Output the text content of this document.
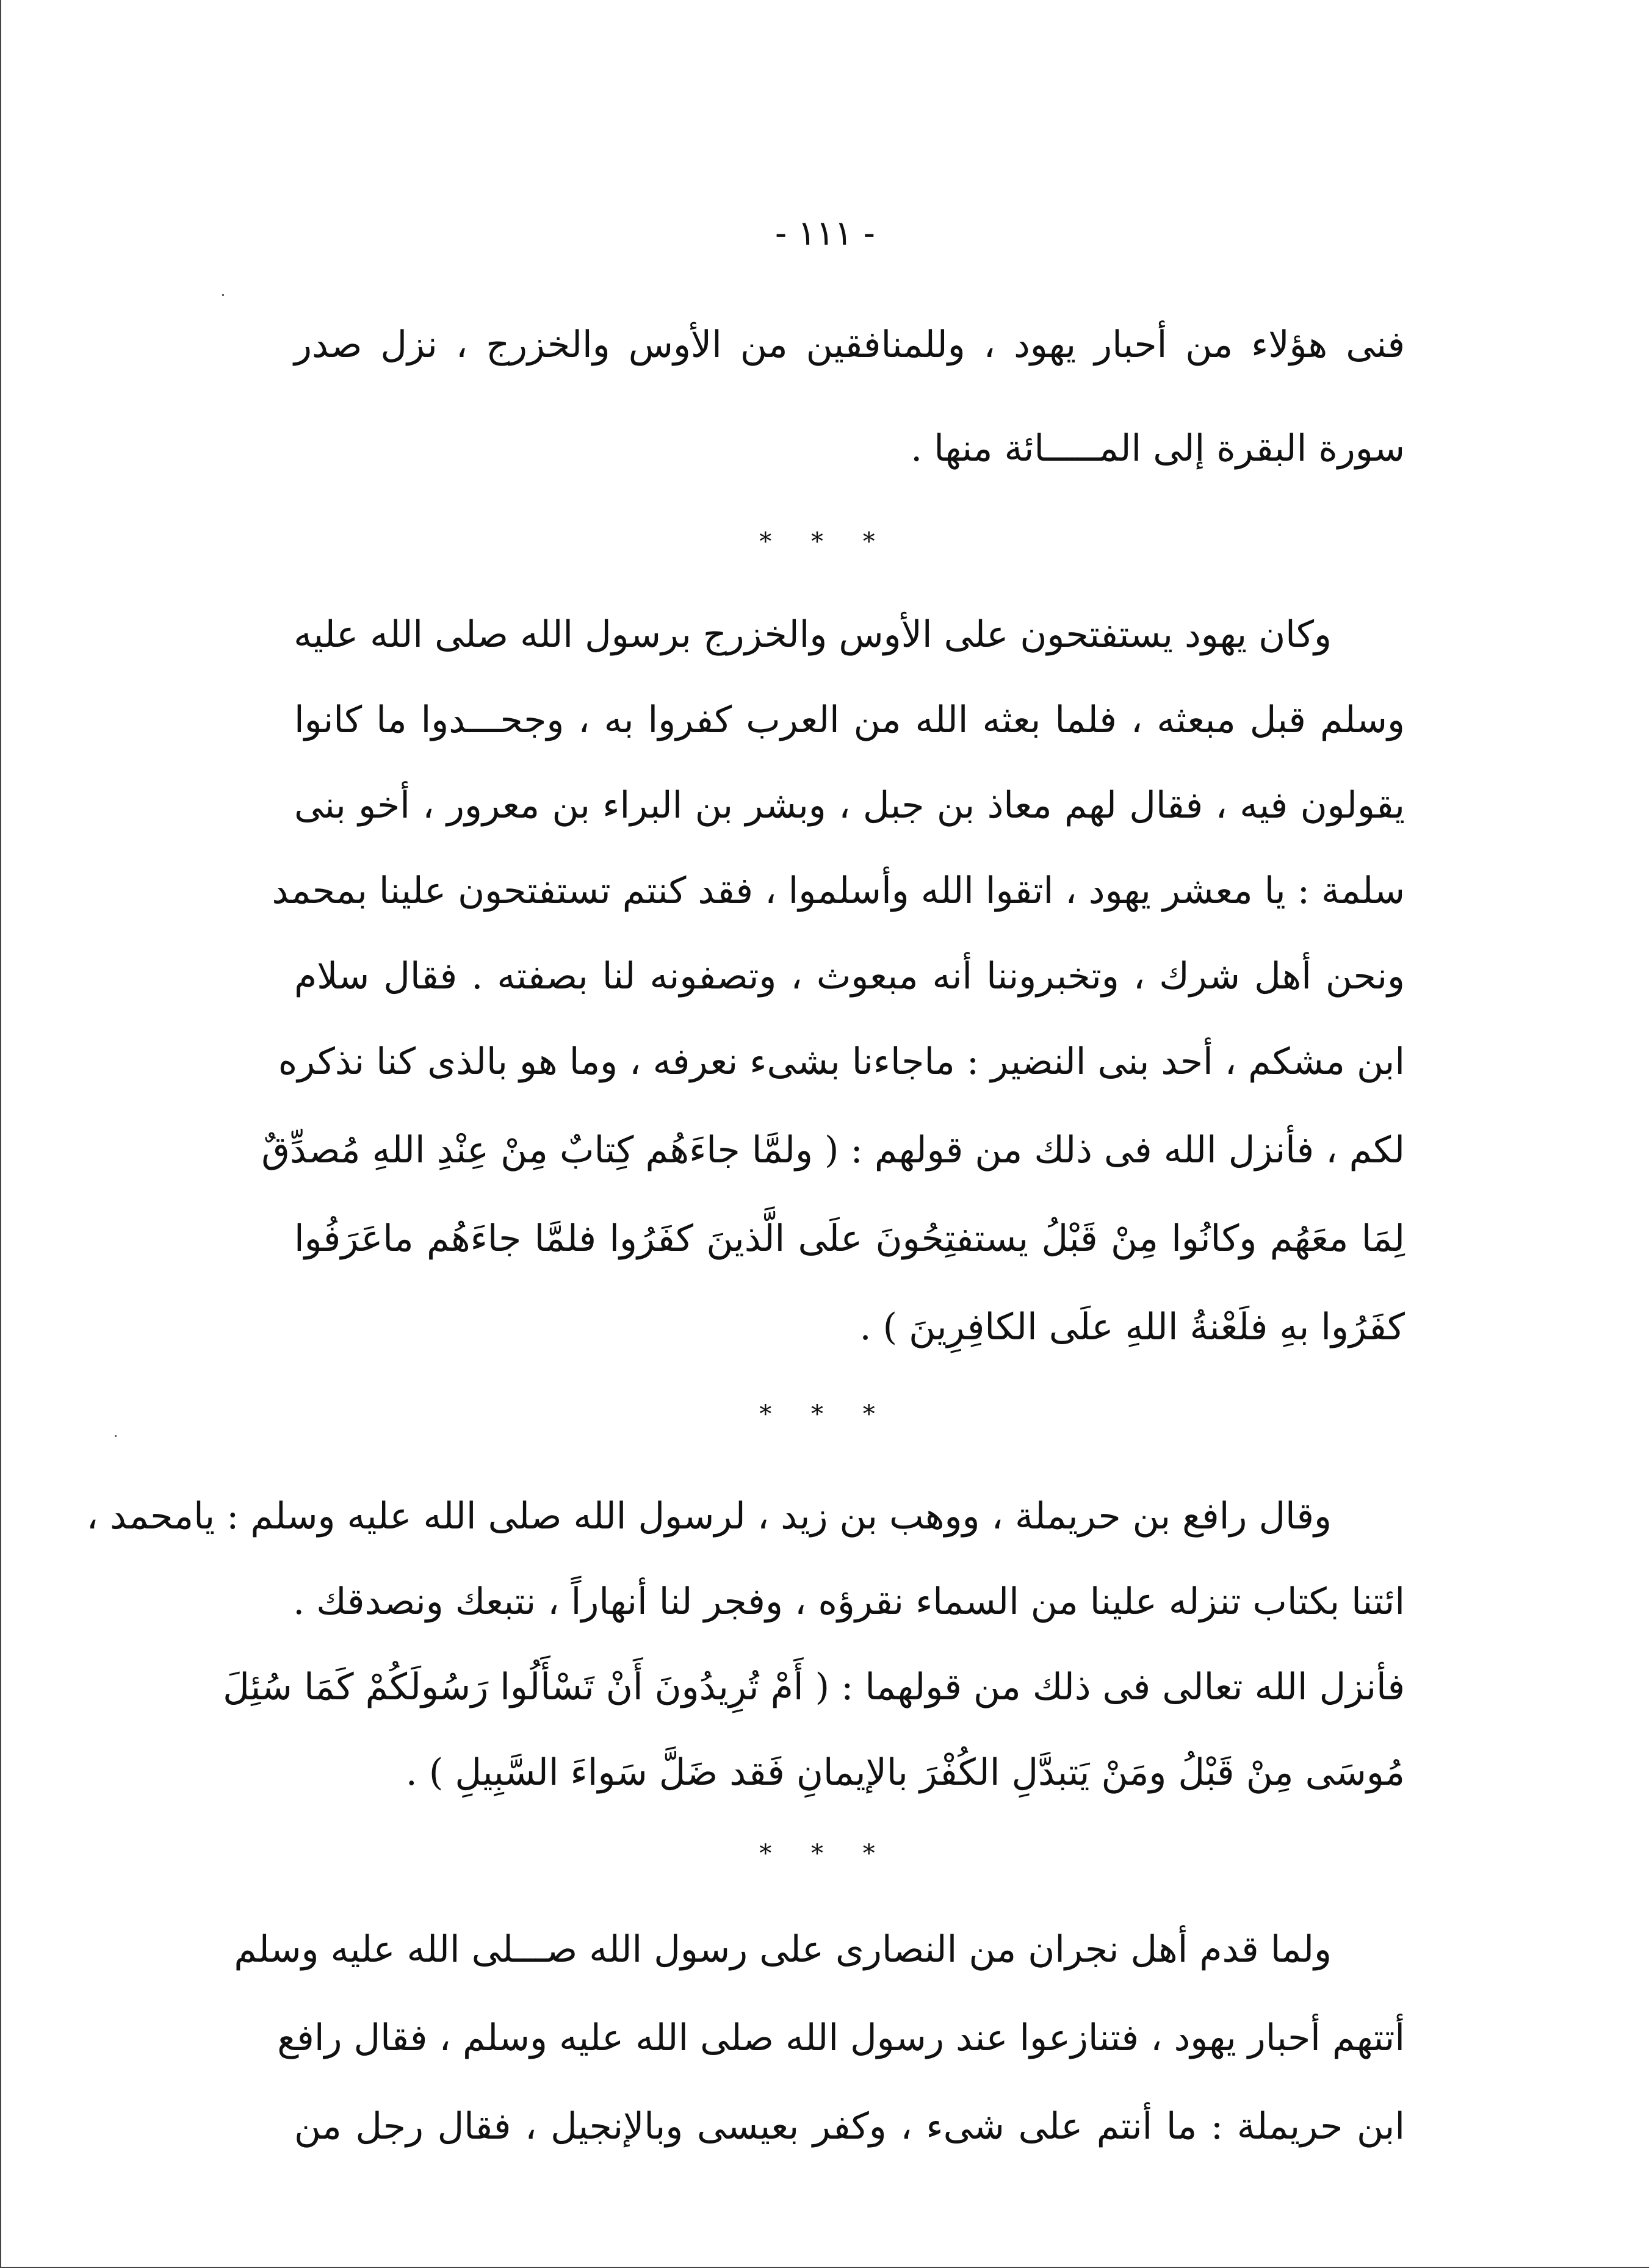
- ١١١ -
فنى هؤلاء من أحبار يهود ، وللمنافقين من الأوس والخزرج ، نزل صدر
سورة البقرة إلى المـــــائة منها .
* * *
وكان يهود يستفتحون على الأوس والخزرج برسول الله صلى الله عليه
وسلم قبل مبعثه ، فلما بعثه الله من العرب كفروا به ، وجحـــدوا ما كانوا
يقولون فيه ، فقال لهم معاذ بن جبل ، وبشر بن البراء بن معرور ، أخو بنى
سلمة : يا معشر يهود ، اتقوا الله وأسلموا ، فقد كنتم تستفتحون علينا بمحمد
ونحن أهل شرك ، وتخبروننا أنه مبعوث ، وتصفونه لنا بصفته . فقال سلام
ابن مشكم ، أحد بنى النضير : ماجاءنا بشىء نعرفه ، وما هو بالذى كنا نذكره
لكم ، فأنزل الله فى ذلك من قولهم : ( ولمَّا جاءَهُم كِتابٌ مِنْ عِنْدِ اللهِ مُصدِّقٌ
لِمَا معَهُم وكانُوا مِنْ قَبْلُ يستفتِحُونَ علَى الَّذينَ كفَرُوا فلمَّا جاءَهُم ماعَرَفُوا
كفَرُوا بهِ فلَعْنةُ اللهِ علَى الكافِرِينَ ) .
* * *
وقال رافع بن حريملة ، ووهب بن زيد ، لرسول الله صلى الله عليه وسلم : يامحمد ،
ائتنا بكتاب تنزله علينا من السماء نقرؤه ، وفجر لنا أنهاراً ، نتبعك ونصدقك .
فأنزل الله تعالى فى ذلك من قولهما : ( أَمْ تُرِيدُونَ أَنْ تَسْأَلُوا رَسُولَكُمْ كَمَا سُئِلَ
مُوسَى مِنْ قَبْلُ ومَنْ يَتبدَّلِ الكُفْرَ بالإيمانِ فَقد ضَلَّ سَواءَ السَّبِيلِ ) .
* * *
ولما قدم أهل نجران من النصارى على رسول الله صـــلى الله عليه وسلم
أتتهم أحبار يهود ، فتنازعوا عند رسول الله صلى الله عليه وسلم ، فقال رافع
ابن حريملة : ما أنتم على شىء ، وكفر بعيسى وبالإنجيل ، فقال رجل من
